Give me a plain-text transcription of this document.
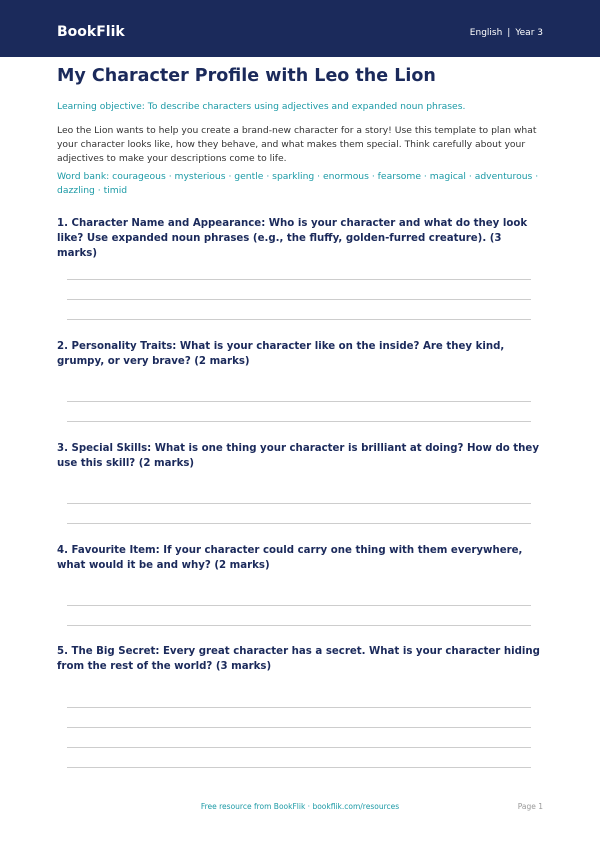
BookFlik	English | Year 3
My Character Profile with Leo the Lion
Learning objective: To describe characters using adjectives and expanded noun phrases.
Leo the Lion wants to help you create a brand-new character for a story! Use this template to plan what your character looks like, how they behave, and what makes them special. Think carefully about your adjectives to make your descriptions come to life.
Word bank: courageous · mysterious · gentle · sparkling · enormous · fearsome · magical · adventurous · dazzling · timid

1. Character Name and Appearance: Who is your character and what do they look like? Use expanded noun phrases (e.g., the fluffy, golden-furred creature). (3 marks)

2. Personality Traits: What is your character like on the inside? Are they kind, grumpy, or very brave? (2 marks)

3. Special Skills: What is one thing your character is brilliant at doing? How do they use this skill? (2 marks)

4. Favourite Item: If your character could carry one thing with them everywhere, what would it be and why? (2 marks)

5. The Big Secret: Every great character has a secret. What is your character hiding from the rest of the world? (3 marks)

Free resource from BookFlik · bookflik.com/resources	Page 1
